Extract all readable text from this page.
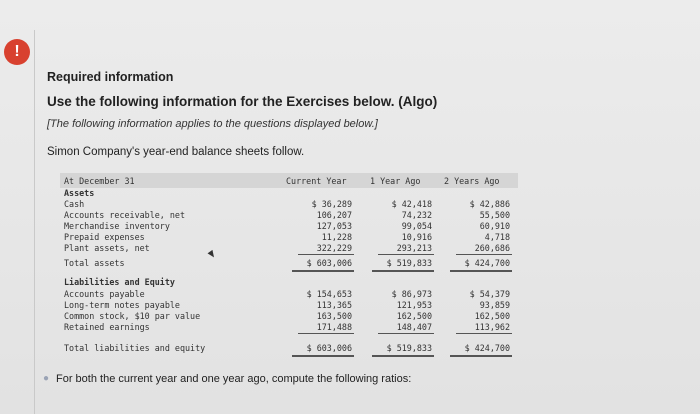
!
Required information
Use the following information for the Exercises below. (Algo)
[The following information applies to the questions displayed below.]
Simon Company's year-end balance sheets follow.
At December 31	Current Year	1 Year Ago	2 Years Ago
Assets
Cash	$ 36,289	$ 42,418	$ 42,886
Accounts receivable, net	106,207	74,232	55,500
Merchandise inventory	127,053	99,054	60,910
Prepaid expenses	11,228	10,916	4,718
Plant assets, net	322,229	293,213	260,686
Total assets	$ 603,006	$ 519,833	$ 424,700
Liabilities and Equity
Accounts payable	$ 154,653	$ 86,973	$ 54,379
Long-term notes payable	113,365	121,953	93,859
Common stock, $10 par value	163,500	162,500	162,500
Retained earnings	171,488	148,407	113,962
Total liabilities and equity	$ 603,006	$ 519,833	$ 424,700
● For both the current year and one year ago, compute the following ratios:
